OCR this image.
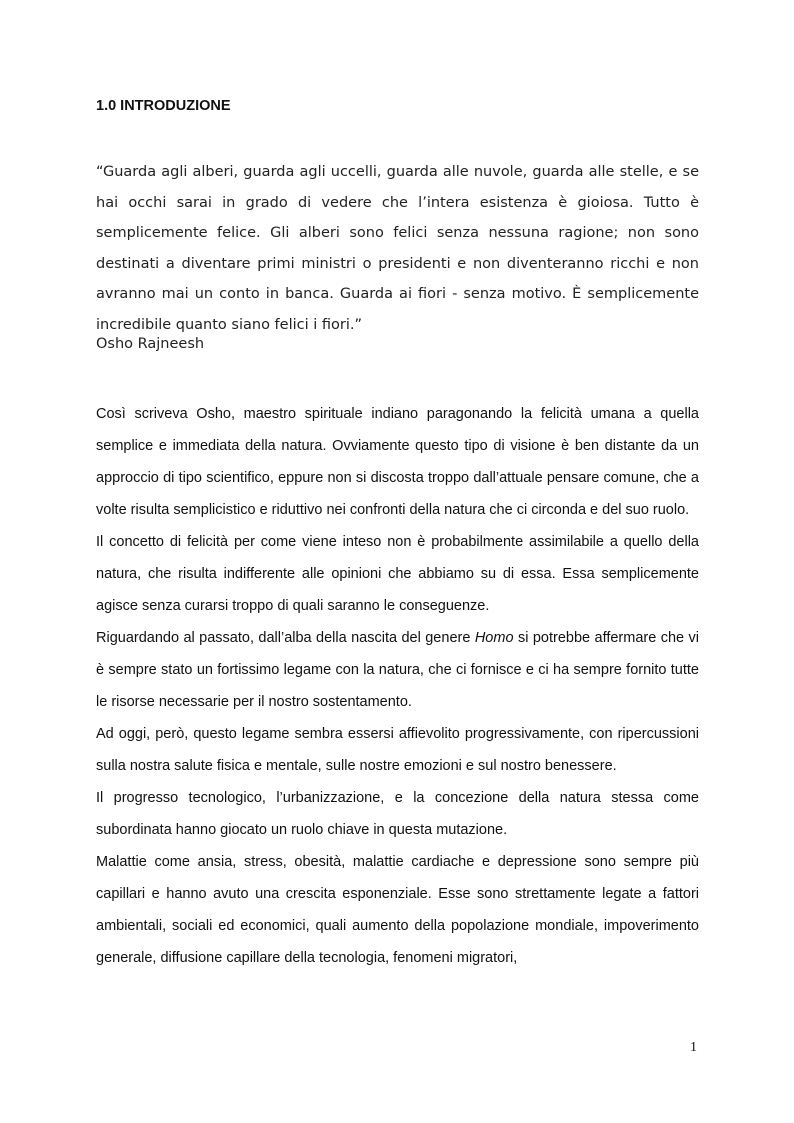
1.0 INTRODUZIONE
“Guarda agli alberi, guarda agli uccelli, guarda alle nuvole, guarda alle stelle, e se hai occhi sarai in grado di vedere che l’intera esistenza è gioiosa. Tutto è semplicemente felice. Gli alberi sono felici senza nessuna ragione; non sono destinati a diventare primi ministri o presidenti e non diventeranno ricchi e non avranno mai un conto in banca. Guarda ai fiori - senza motivo. È semplicemente incredibile quanto siano felici i fiori.”
Osho Rajneesh

Così scriveva Osho, maestro spirituale indiano paragonando la felicità umana a quella semplice e immediata della natura. Ovviamente questo tipo di visione è ben distante da un approccio di tipo scientifico, eppure non si discosta troppo dall’attuale pensare comune, che a volte risulta semplicistico e riduttivo nei confronti della natura che ci circonda e del suo ruolo.

Il concetto di felicità per come viene inteso non è probabilmente assimilabile a quello della natura, che risulta indifferente alle opinioni che abbiamo su di essa. Essa semplicemente agisce senza curarsi troppo di quali saranno le conseguenze.

Riguardando al passato, dall’alba della nascita del genere Homo si potrebbe affermare che vi è sempre stato un fortissimo legame con la natura, che ci fornisce e ci ha sempre fornito tutte le risorse necessarie per il nostro sostentamento.

Ad oggi, però, questo legame sembra essersi affievolito progressivamente, con ripercussioni sulla nostra salute fisica e mentale, sulle nostre emozioni e sul nostro benessere.

Il progresso tecnologico, l’urbanizzazione, e la concezione della natura stessa come subordinata hanno giocato un ruolo chiave in questa mutazione.

Malattie come ansia, stress, obesità, malattie cardiache e depressione sono sempre più capillari e hanno avuto una crescita esponenziale. Esse sono strettamente legate a fattori ambientali, sociali ed economici, quali aumento della popolazione mondiale, impoverimento generale, diffusione capillare della tecnologia, fenomeni migratori,

1
